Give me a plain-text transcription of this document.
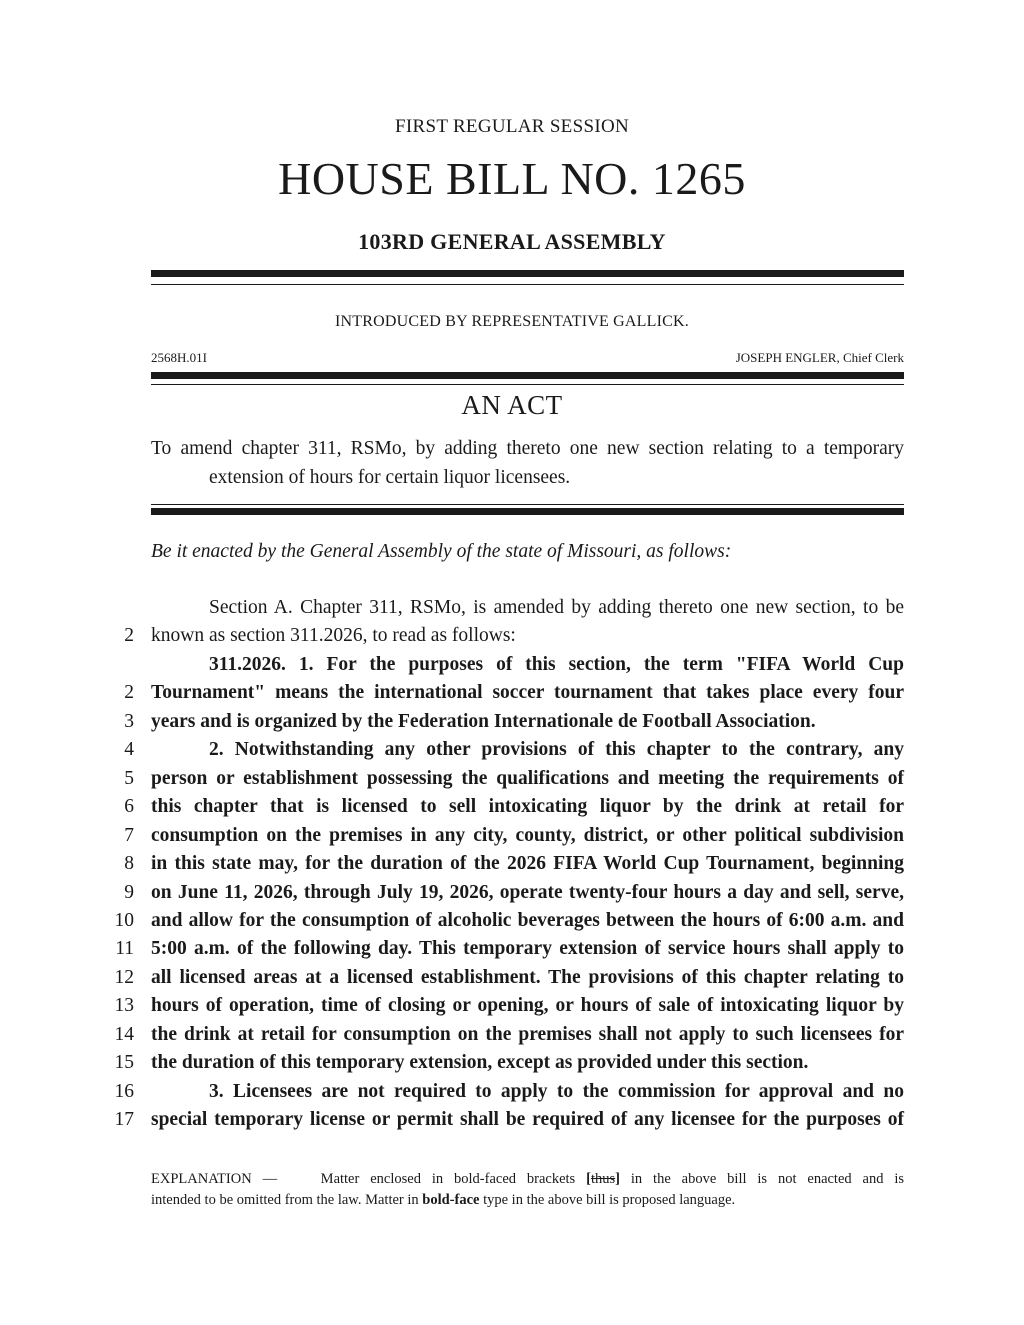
FIRST REGULAR SESSION
HOUSE BILL NO. 1265
103RD GENERAL ASSEMBLY
INTRODUCED BY REPRESENTATIVE GALLICK.
2568H.01I	JOSEPH ENGLER, Chief Clerk
AN ACT
To amend chapter 311, RSMo, by adding thereto one new section relating to a temporary
extension of hours for certain liquor licensees.
Be it enacted by the General Assembly of the state of Missouri, as follows:
Section A. Chapter 311, RSMo, is amended by adding thereto one new section, to be
2 known as section 311.2026, to read as follows:
311.2026. 1. For the purposes of this section, the term "FIFA World Cup
2 Tournament" means the international soccer tournament that takes place every four
3 years and is organized by the Federation Internationale de Football Association.
4	2. Notwithstanding any other provisions of this chapter to the contrary, any
5 person or establishment possessing the qualifications and meeting the requirements of
6 this chapter that is licensed to sell intoxicating liquor by the drink at retail for
7 consumption on the premises in any city, county, district, or other political subdivision
8 in this state may, for the duration of the 2026 FIFA World Cup Tournament, beginning
9 on June 11, 2026, through July 19, 2026, operate twenty-four hours a day and sell, serve,
10 and allow for the consumption of alcoholic beverages between the hours of 6:00 a.m. and
11 5:00 a.m. of the following day. This temporary extension of service hours shall apply to
12 all licensed areas at a licensed establishment. The provisions of this chapter relating to
13 hours of operation, time of closing or opening, or hours of sale of intoxicating liquor by
14 the drink at retail for consumption on the premises shall not apply to such licensees for
15 the duration of this temporary extension, except as provided under this section.
16	3. Licensees are not required to apply to the commission for approval and no
17 special temporary license or permit shall be required of any licensee for the purposes of
EXPLANATION —	Matter enclosed in bold-faced brackets [thus] in the above bill is not enacted and is
intended to be omitted from the law. Matter in bold-face type in the above bill is proposed language.
